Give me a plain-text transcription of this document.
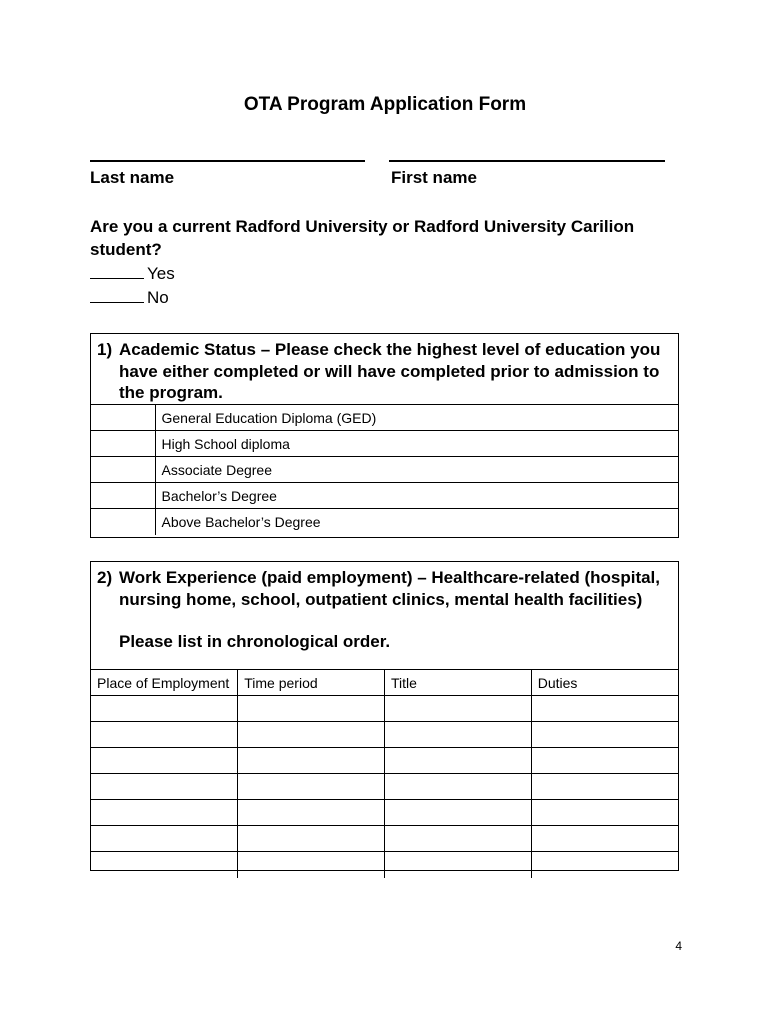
OTA Program Application Form
Last name	First name
Are you a current Radford University or Radford University Carilion student?
Yes
No
1) Academic Status – Please check the highest level of education you have either completed or will have completed prior to admission to the program.
	General Education Diploma (GED)
	High School diploma
	Associate Degree
	Bachelor’s Degree
	Above Bachelor’s Degree
2) Work Experience (paid employment) – Healthcare-related (hospital, nursing home, school, outpatient clinics, mental health facilities)
Please list in chronological order.
Place of Employment	Time period	Title	Duties

4
